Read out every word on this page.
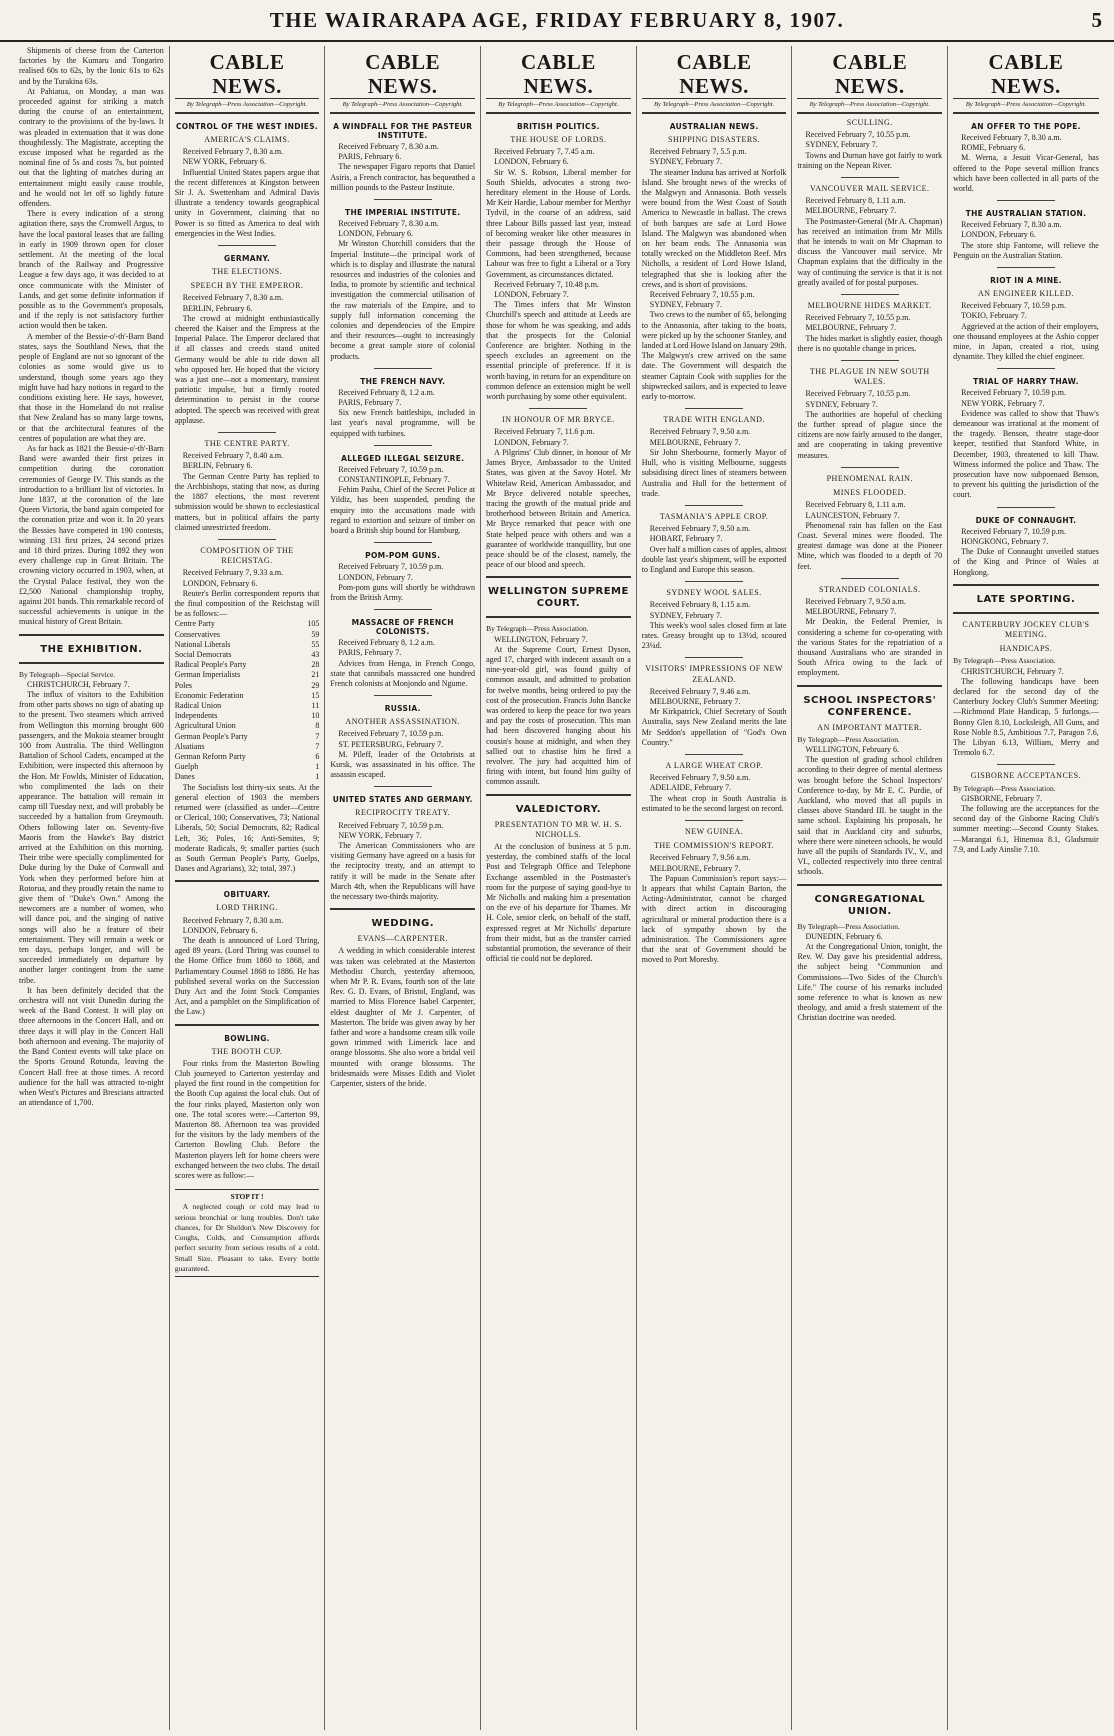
THE WAIRARAPA AGE, FRIDAY FEBRUARY 8, 1907.	5

Shipments of cheese from the Carterton factories by the Kumaru and Tongariro realised 60s to 62s, by the Ionic 61s to 62s and by the Turakina 63s.

At Pahiatua, on Monday, a man was proceeded against for striking a match during the course of an entertainment, contrary to the provisions of the by-laws. It was pleaded in extenuation that it was done thoughtlessly. The Magistrate, accepting the excuse imposed what he regarded as the nominal fine of 5s and costs 7s, but pointed out that the lighting of matches during an entertainment might easily cause trouble, and he would not let off so lightly future offenders.

There is every indication of a strong agitation there, says the Cromwell Argus, to have the local pastoral leases that are falling in early in 1909 thrown open for closer settlement. At the meeting of the local branch of the Railway and Progressive League a few days ago, it was decided to at once communicate with the Minister of Lands, and get some definite information if possible as to the Government's proposals, and if the reply is not satisfactory further action would then be taken.

A member of the Bessie-o'-th'-Barn Band states, says the Southland News, that the people of England are not so ignorant of the colonies as some would give us to understand, though some years ago they might have had hazy notions in regard to the conditions existing here. He says, however, that those in the Homeland do not realise that New Zealand has so many large towns, or that the architectural features of the centres of population are what they are.

As far back as 1821 the Bessie-o'-th'-Barn Band were awarded their first prizes in competition during the coronation ceremonies of George IV. This stands as the introduction to a brilliant list of victories. In June 1837, at the coronation of the late Queen Victoria, the band again competed for the coronation prize and won it. In 20 years the Bessies have competed in 190 contests, winning 131 first prizes, 24 second prizes and 18 third prizes. During 1892 they won every challenge cup in Great Britain. The crowning victory occurred in 1903, when, at the Crystal Palace festival, they won the £2,500 National championship trophy, against 201 bands. This remarkable record of successful achievements is unique in the musical history of Great Britain.

THE EXHIBITION.

By Telegraph—Special Service.

CHRISTCHURCH, February 7.

The influx of visitors to the Exhibition from other parts shows no sign of abating up to the present. Two steamers which arrived from Wellington this morning brought 600 passengers, and the Mokoia steamer brought 100 from Australia. The third Wellington Battalion of School Cadets, encamped at the Exhibition, were inspected this afternoon by the Hon. Mr Fowlds, Minister of Education, who complimented the lads on their appearance. The battalion will remain in camp till Tuesday next, and will probably be succeeded by a battalion from Greymouth. Others following later on. Seventy-five Maoris from the Hawke's Bay district arrived at the Exhibition on this morning. Their tribe were specially complimented for Duke during by the Duke of Cornwall and York when they performed before him at Rotorua, and they proudly retain the name to give them of "Duke's Own." Among the newcomers are a number of women, who will dance poi, and the singing of native songs will also be a feature of their entertainment. They will remain a week or ten days, perhaps longer, and will be succeeded immediately on departure by another larger contingent from the same tribe.

It has been definitely decided that the orchestra will not visit Dunedin during the week of the Band Contest. It will play on three afternoons in the Concert Hall, and on three days it will play in the Concert Hall both afternoon and evening. The majority of the Band Contest events will take place on the Sports Ground Rotunda, leaving the Concert Hall free at those times. A record audience for the hall was attracted to-night when West's Pictures and Brescians attracted an attendance of 1,700.

CABLE NEWS.
By Telegraph—Press Association—Copyright.
CONTROL OF THE WEST INDIES.
AMERICA'S CLAIMS.

Received February 7, 8.30 a.m.

NEW YORK, February 6.

Influential United States papers argue that the recent differences at Kingston between Sir J. A. Swettenham and Admiral Davis illustrate a tendency towards geographical unity in Government, claiming that no Power is so fitted as America to deal with emergencies in the West Indies.

GERMANY.
THE ELECTIONS.
SPEECH BY THE EMPEROR.

Received February 7, 8.30 a.m.

BERLIN, February 6.

The crowd at midnight enthusiastically cheered the Kaiser and the Empress at the Imperial Palace. The Emperor declared that if all classes and creeds stand united Germany would be able to ride down all who opposed her. He hoped that the victory was a just one—not a momentary, transient patriotic impulse, but a firmly rooted determination to persist in the course adopted. The speech was received with great applause.

THE CENTRE PARTY.

Received February 7, 8.40 a.m.

BERLIN, February 6.

The German Centre Party has replied to the Archbishops, stating that now, as during the 1887 elections, the most reverent submission would be shown to ecclesiastical matters, but in political affairs the party claimed unrestricted freedom.

COMPOSITION OF THE REICHSTAG.

Received February 7, 9.33 a.m.

LONDON, February 6.

Reuter's Berlin correspondent reports that the final composition of the Reichstag will be as follows:—

Centre Party	105
Conservatives	59
National Liberals	55
Social Democrats	43
Radical People's Party	28
German Imperialists	21
Poles	29
Economic Federation	15
Radical Union	11
Independents	10
Agricultural Union	8
German People's Party	7
Alsatians	7
German Reform Party	6
Guelph	1
Danes	1

The Socialists lost thirty-six seats. At the general election of 1903 the members returned were (classified as under—Centre or Clerical, 100; Conservatives, 73; National Liberals, 50; Social Democrats, 82; Radical Left, 36; Poles, 16; Anti-Semites, 9; moderate Radicals, 9; smaller parties (such as South German People's Party, Guelps, Danes and Agrarians), 32; total, 397.)

OBITUARY.
LORD THRING.

Received February 7, 8.30 a.m.

LONDON, February 6.

The death is announced of Lord Thring, aged 89 years. (Lord Thring was counsel to the Home Office from 1860 to 1868, and Parliamentary Counsel 1868 to 1886. He has published several works on the Succession Duty Act and the Joint Stock Companies Act, and a pamphlet on the Simplification of the Law.)

BOWLING.
THE BOOTH CUP.

Four rinks from the Masterton Bowling Club journeyed to Carterton yesterday and played the first round in the competition for the Booth Cup against the local club. Out of the four rinks played, Masterton only won one. The total scores were:—Carterton 99, Masterton 88. Afternoon tea was provided for the visitors by the lady members of the Carterton Bowling Club. Before the Masterton players left for home cheers were exchanged between the two clubs. The detail scores were as follow:—

STOP IT !

A neglected cough or cold may lead to serious bronchial or lung troubles. Don't take chances, for Dr Sheldon's New Discovery for Coughs, Colds, and Consumption affords perfect security from serious results of a cold. Small Size. Pleasant to take. Every bottle guaranteed.

CABLE NEWS.
By Telegraph—Press Association—Copyright.
A WINDFALL FOR THE PASTEUR INSTITUTE.

Received February 7, 8.30 a.m.

PARIS, February 6.

The newspaper Figaro reports that Daniel Asiris, a French contractor, has bequeathed a million pounds to the Pasteur Institute.

THE IMPERIAL INSTITUTE.

Received February 7, 8.30 a.m.

LONDON, February 6.

Mr Winston Churchill considers that the Imperial Institute—the principal work of which is to display and illustrate the natural resources and industries of the colonies and India, to promote by scientific and technical investigation the commercial utilisation of the raw materials of the Empire, and to supply full information concerning the colonies and dependencies of the Empire and their resources—ought to increasingly become a great sample store of colonial products.

THE FRENCH NAVY.

Received February 8, 1.2 a.m.

PARIS, February 7.

Six new French battleships, included in last year's naval programme, will be equipped with turbines.

ALLEGED ILLEGAL SEIZURE.

Received February 7, 10.59 p.m.

CONSTANTINOPLE, February 7.

Fehim Pasha, Chief of the Secret Police at Yildiz, has been suspended, pending the enquiry into the accusations made with regard to extortion and seizure of timber on board a British ship bound for Hamburg.

POM-POM GUNS.

Received February 7, 10.59 p.m.

LONDON, February 7.

Pom-pom guns will shortly be withdrawn from the British Army.

MASSACRE OF FRENCH COLONISTS.

Received February 8, 1.2 a.m.

PARIS, February 7.

Advices from Henga, in French Congo, state that cannibals massacred one hundred French colonists at Monjondo and Ngume.

RUSSIA.
ANOTHER ASSASSINATION.

Received February 7, 10.59 p.m.

ST. PETERSBURG, February 7.

M. Pileff, leader of the Octobrists at Kursk, was assassinated in his office. The assassin escaped.

UNITED STATES AND GERMANY.
RECIPROCITY TREATY.

Received February 7, 10.59 p.m.

NEW YORK, February 7.

The American Commissioners who are visiting Germany have agreed on a basis for the reciprocity treaty, and an attempt to ratify it will be made in the Senate after March 4th, when the Republicans will have the necessary two-thirds majority.

WEDDING.
EVANS—CARPENTER.

A wedding in which considerable interest was taken was celebrated at the Masterton Methodist Church, yesterday afternoon, when Mr P. R. Evans, fourth son of the late Rev. G. D. Evans, of Bristol, England, was married to Miss Florence Isabel Carpenter, eldest daughter of Mr J. Carpenter, of Masterton. The bride was given away by her father and wore a handsome cream silk voile gown trimmed with Limerick lace and orange blossoms. She also wore a bridal veil mounted with orange blossoms. The bridesmaids were Misses Edith and Violet Carpenter, sisters of the bride.

CABLE NEWS.
By Telegraph—Press Association—Copyright.
BRITISH POLITICS.
THE HOUSE OF LORDS.

Received February 7, 7.45 a.m.

LONDON, February 6.

Sir W. S. Robson, Liberal member for South Shields, advocates a strong two-hereditary element in the House of Lords. Mr Keir Hardie, Labour member for Merthyr Tydvil, in the course of an address, said three Labour Bills passed last year, instead of becoming weaker like other measures in their passage through the House of Commons, had been strengthened, because Labour was free to fight a Liberal or a Tory Government, as circumstances dictated.

Received February 7, 10.48 p.m.

LONDON, February 7.

The Times infers that Mr Winston Churchill's speech and attitude at Leeds are those for whom he was speaking, and adds that the prospects for the Colonial Conference are brighter. Nothing in the speech excludes an agreement on the essential principle of preference. If it is worth having, in return for an expenditure on common defence an extension might be well worth purchasing by some other equivalent.

IN HONOUR OF MR BRYCE.

Received February 7, 11.6 p.m.

LONDON, February 7.

A Pilgrims' Club dinner, in honour of Mr James Bryce, Ambassador to the United States, was given at the Savoy Hotel. Mr Whitelaw Reid, American Ambassador, and Mr Bryce delivered notable speeches, tracing the growth of the mutual pride and brotherhood between Britain and America. Mr Bryce remarked that peace with one State helped peace with others and was a guarantee of worldwide tranquillity, but one peace should be of the closest, namely, the peace of our blood and speech.

WELLINGTON SUPREME COURT.

By Telegraph—Press Association.

WELLINGTON, February 7.

At the Supreme Court, Ernest Dyson, aged 17, charged with indecent assault on a nine-year-old girl, was found guilty of common assault, and admitted to probation for twelve months, being ordered to pay the cost of the prosecution. Francis John Bancke was ordered to keep the peace for two years and pay the costs of prosecution. This man had been discovered hanging about his cousin's house at midnight, and when they sallied out to chastise him he fired a revolver. The jury had acquitted him of firing with intent, but found him guilty of common assault.

VALEDICTORY.
PRESENTATION TO MR W. H. S. NICHOLLS.

At the conclusion of business at 5 p.m. yesterday, the combined staffs of the local Post and Telegraph Office and Telephone Exchange assembled in the Postmaster's room for the purpose of saying good-bye to Mr Nicholls and making him a presentation on the eve of his departure for Thames. Mr H. Cole, senior clerk, on behalf of the staff, expressed regret at Mr Nicholls' departure from their midst, but as the transfer carried substantial promotion, the severance of their official tie could not be deplored.

CABLE NEWS.
By Telegraph—Press Association—Copyright.
AUSTRALIAN NEWS.
SHIPPING DISASTERS.

Received February 7, 5.5 p.m.

SYDNEY, February 7.

The steamer Induna has arrived at Norfolk Island. She brought news of the wrecks of the Malgwyn and Annasonia. Both vessels were bound from the West Coast of South America to Newcastle in ballast. The crews of both barques are safe at Lord Howe Island. The Malgwyn was abandoned when on her beam ends. The Annasonia was totally wrecked on the Middleton Reef. Mrs Nicholls, a resident of Lord Howe Island, telegraphed that she is looking after the crews, and is short of provisions.

Received February 7, 10.55 p.m.

SYDNEY, February 7.

Two crews to the number of 65, belonging to the Annasonia, after taking to the boats, were picked up by the schooner Stanley, and landed at Lord Howe Island on January 29th. The Malgwyn's crew arrived on the same date. The Government will despatch the steamer Captain Cook with supplies for the shipwrecked sailors, and is expected to leave early to-morrow.

TRADE WITH ENGLAND.

Received February 7, 9.50 a.m.

MELBOURNE, February 7.

Sir John Sherbourne, formerly Mayor of Hull, who is visiting Melbourne, suggests subsidising direct lines of steamers between Australia and Hull for the betterment of trade.

TASMANIA'S APPLE CROP.

Received February 7, 9.50 a.m.

HOBART, February 7.

Over half a million cases of apples, almost double last year's shipment, will be exported to England and Europe this season.

SYDNEY WOOL SALES.

Received February 8, 1.15 a.m.

SYDNEY, February 7.

This week's wool sales closed firm at late rates. Greasy brought up to 13½d, scoured 23¼d.

VISITORS' IMPRESSIONS OF NEW ZEALAND.

Received February 7, 9.46 a.m.

MELBOURNE, February 7.

Mr Kirkpatrick, Chief Secretary of South Australia, says New Zealand merits the late Mr Seddon's appellation of "God's Own Country."

A LARGE WHEAT CROP.

Received February 7, 9.50 a.m.

ADELAIDE, February 7.

The wheat crop in South Australia is estimated to be the second largest on record.

NEW GUINEA.
THE COMMISSION'S REPORT.

Received February 7, 9.56 a.m.

MELBOURNE, February 7.

The Papuan Commission's report says:—It appears that whilst Captain Barton, the Acting-Administrator, cannot be charged with direct action in discouraging agricultural or mineral production there is a lack of sympathy shown by the administration. The Commissioners agree that the seat of Government should be moved to Port Moresby.

CABLE NEWS.
By Telegraph—Press Association—Copyright.
SCULLING.

Received February 7, 10.55 p.m.

SYDNEY, February 7.

Towns and Durnan have got fairly to work training on the Nepean River.

VANCOUVER MAIL SERVICE.

Received February 8, 1.11 a.m.

MELBOURNE, February 7.

The Postmaster-General (Mr A. Chapman) has received an intimation from Mr Mills that he intends to wait on Mr Chapman to discuss the Vancouver mail service. Mr Chapman explains that the difficulty in the way of continuing the service is that it is not greatly availed of for postal purposes.

MELBOURNE HIDES MARKET.

Received February 7, 10.55 p.m.

MELBOURNE, February 7.

The hides market is slightly easier, though there is no quotable change in prices.

THE PLAGUE IN NEW SOUTH WALES.

Received February 7, 10.55 p.m.

SYDNEY, February 7.

The authorities are hopeful of checking the further spread of plague since the citizens are now fairly aroused to the danger, and are cooperating in taking preventive measures.

PHENOMENAL RAIN.
MINES FLOODED.

Received February 8, 1.11 a.m.

LAUNCESTON, February 7.

Phenomenal rain has fallen on the East Coast. Several mines were flooded. The greatest damage was done at the Pioneer Mine, which was flooded to a depth of 70 feet.

STRANDED COLONIALS.

Received February 7, 9.50 a.m.

MELBOURNE, February 7.

Mr Deakin, the Federal Premier, is considering a scheme for co-operating with the various States for the repatriation of a thousand Australians who are stranded in South Africa owing to the lack of employment.

SCHOOL INSPECTORS' CONFERENCE.
AN IMPORTANT MATTER.

By Telegraph—Press Association.

WELLINGTON, February 6.

The question of grading school children according to their degree of mental alertness was brought before the School Inspectors' Conference to-day, by Mr E. C. Purdie, of Auckland, who moved that all pupils in classes above Standard III. be taught in the same school. Explaining his proposals, he said that in Auckland city and suburbs, where there were nineteen schools, he would have all the pupils of Standards IV., V., and VI., collected respectively into three central schools.

CONGREGATIONAL UNION.

By Telegraph—Press Association.

DUNEDIN, February 6.

At the Congregational Union, tonight, the Rev. W. Day gave his presidential address, the subject being "Communion and Commissions—Two Sides of the Church's Life." The course of his remarks included some reference to what is known as new theology, and amid a fresh statement of the Christian doctrine was needed.

CABLE NEWS.
By Telegraph—Press Association—Copyright.
AN OFFER TO THE POPE.

Received February 7, 8.30 a.m.

ROME, February 6.

M. Werna, a Jesuit Vicar-General, has offered to the Pope several million francs which have been collected in all parts of the world.

THE AUSTRALIAN STATION.

Received February 7, 8.30 a.m.

LONDON, February 6.

The store ship Fantome, will relieve the Penguin on the Australian Station.

RIOT IN A MINE.
AN ENGINEER KILLED.

Received February 7, 10.59 p.m.

TOKIO, February 7.

Aggrieved at the action of their employers, one thousand employees at the Ashio copper mine, in Japan, created a riot, using dynamite. They killed the chief engineer.

TRIAL OF HARRY THAW.

Received February 7, 10.59 p.m.

NEW YORK, February 7.

Evidence was called to show that Thaw's demeanour was irrational at the moment of the tragedy. Benson, theatre stage-door keeper, testified that Stanford White, in December, 1903, threatened to kill Thaw. Witness informed the police and Thaw. The prosecution have now subpoenaed Benson, to prevent his quitting the jurisdiction of the court.

DUKE OF CONNAUGHT.

Received February 7, 10.59 p.m.

HONGKONG, February 7.

The Duke of Connaught unveiled statues of the King and Prince of Wales at Hongkong.

LATE SPORTING.
CANTERBURY JOCKEY CLUB'S MEETING.
HANDICAPS.

By Telegraph—Press Association.

CHRISTCHURCH, February 7.

The following handicaps have been declared for the second day of the Canterbury Jockey Club's Summer Meeting:—Richmond Plate Handicap, 5 furlongs.—Bonny Glen 8.10, Locksleigh, All Guns, and Rose Noble 8.5, Ambitious 7.7, Paragon 7.6, The Libyan 6.13, William, Merry and Tremolo 6.7.

GISBORNE ACCEPTANCES.

By Telegraph—Press Association.

GISBORNE, February 7.

The following are the acceptances for the second day of the Gisborne Racing Club's summer meeting:—Second County Stakes.—Marangai 6.1, Hinemoa 8.1, Gladsmuir 7.9, and Lady Ainslie 7.10.
